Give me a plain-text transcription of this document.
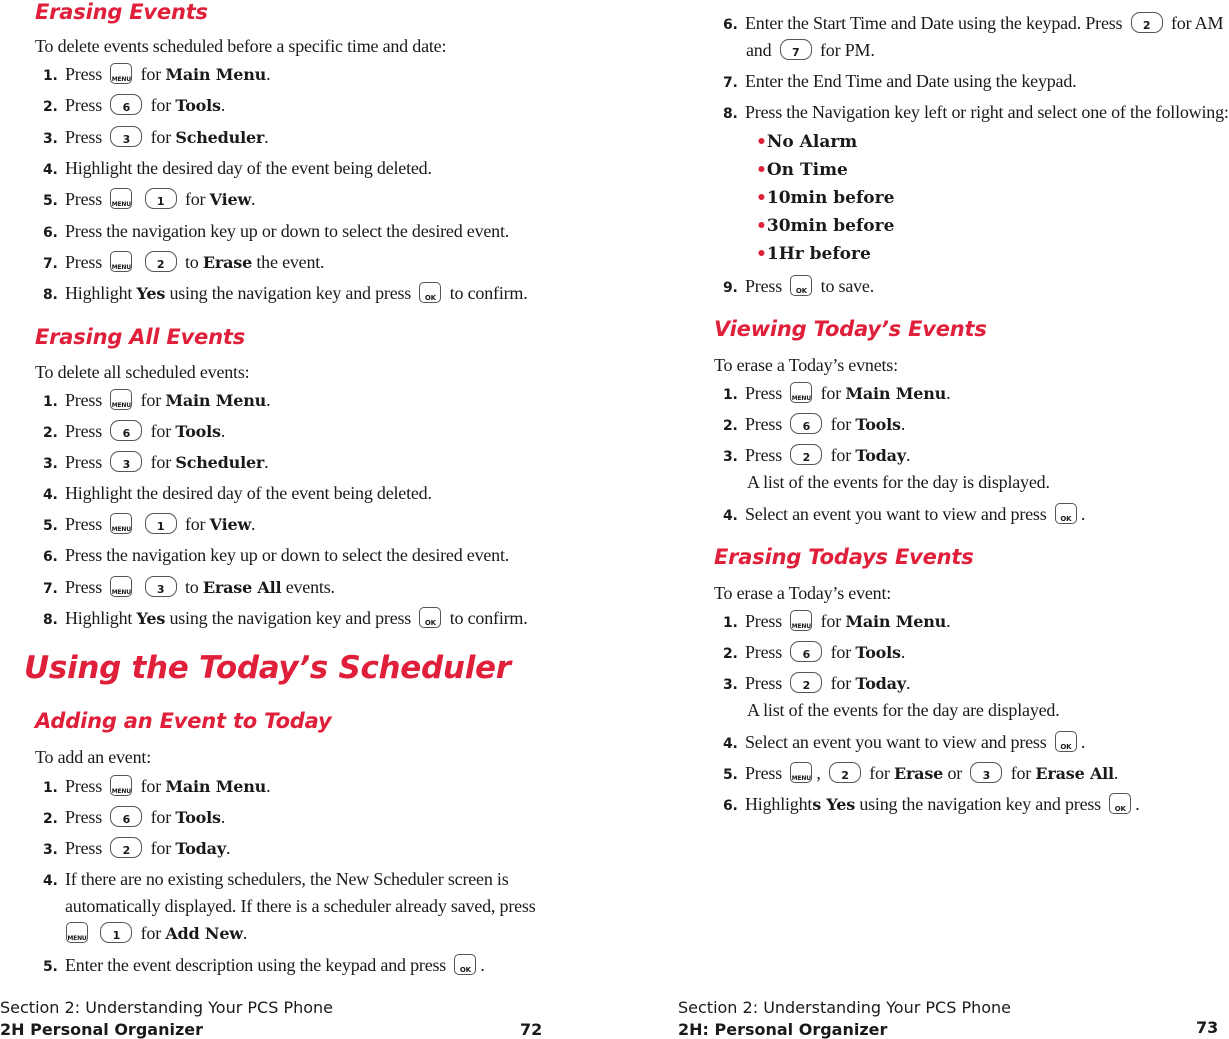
Erasing Events
To delete events scheduled before a specific time and date:
1. Press MENU for Main Menu.
2. Press	6	for Tools.
3. Press	3	for Scheduler.
4. Highlight the desired day of the event being deleted.
5. Press MENU
	1	for View.
6. Press the navigation key up or down to select the desired event.
7. Press MENU
	2	to Erase the event.
8. Highlight Yes using the navigation key and press	OK to confirm.
Erasing All Events
To delete all scheduled events:
1. Press MENU for Main Menu.
2. Press	6	for Tools.
3. Press	3	for Scheduler.
4. Highlight the desired day of the event being deleted.
5. Press MENU
	1	for View.
6. Press the navigation key up or down to select the desired event.
7. Press MENU
	3	to Erase All events.
8. Highlight Yes using the navigation key and press	OK to confirm.
Using the Today’s Scheduler
Adding an Event to Today
To add an event:
1. Press MENU for Main Menu.
2. Press	6	for Tools.
3. Press	2	for Today.
4. If there are no existing schedulers, the New Scheduler screen is
automatically displayed. If there is a scheduler already saved, press
MENU
	1	for Add New.
5. Enter the event description using the keypad and press	OK .
Section 2: Understanding Your PCS Phone
2H Personal Organizer	72
6. Enter the Start Time and Date using the keypad. Press	2	for AM
and	7	for PM.
7. Enter the End Time and Date using the keypad.
8. Press the Navigation key left or right and select one of the following:
•No Alarm
•On Time
•10min before
•30min before
•1Hr before
9. Press	OK to save.
Viewing Today’s Events
To erase a Today’s evnets:
1. Press MENU for Main Menu.
2. Press	6	for Tools.
3. Press	2	for Today.
A list of the events for the day is displayed.
4. Select an event you want to view and press	OK .
Erasing Todays Events
To erase a Today’s event:
1. Press MENU for Main Menu.
2. Press	6	for Tools.
3. Press	2	for Today.
A list of the events for the day are displayed.
4. Select an event you want to view and press	OK .
5. Press MENU ,	2	for Erase or	3	for Erase All.
6. Highlights Yes using the navigation key and press	OK .
Section 2: Understanding Your PCS Phone
2H: Personal Organizer	73
